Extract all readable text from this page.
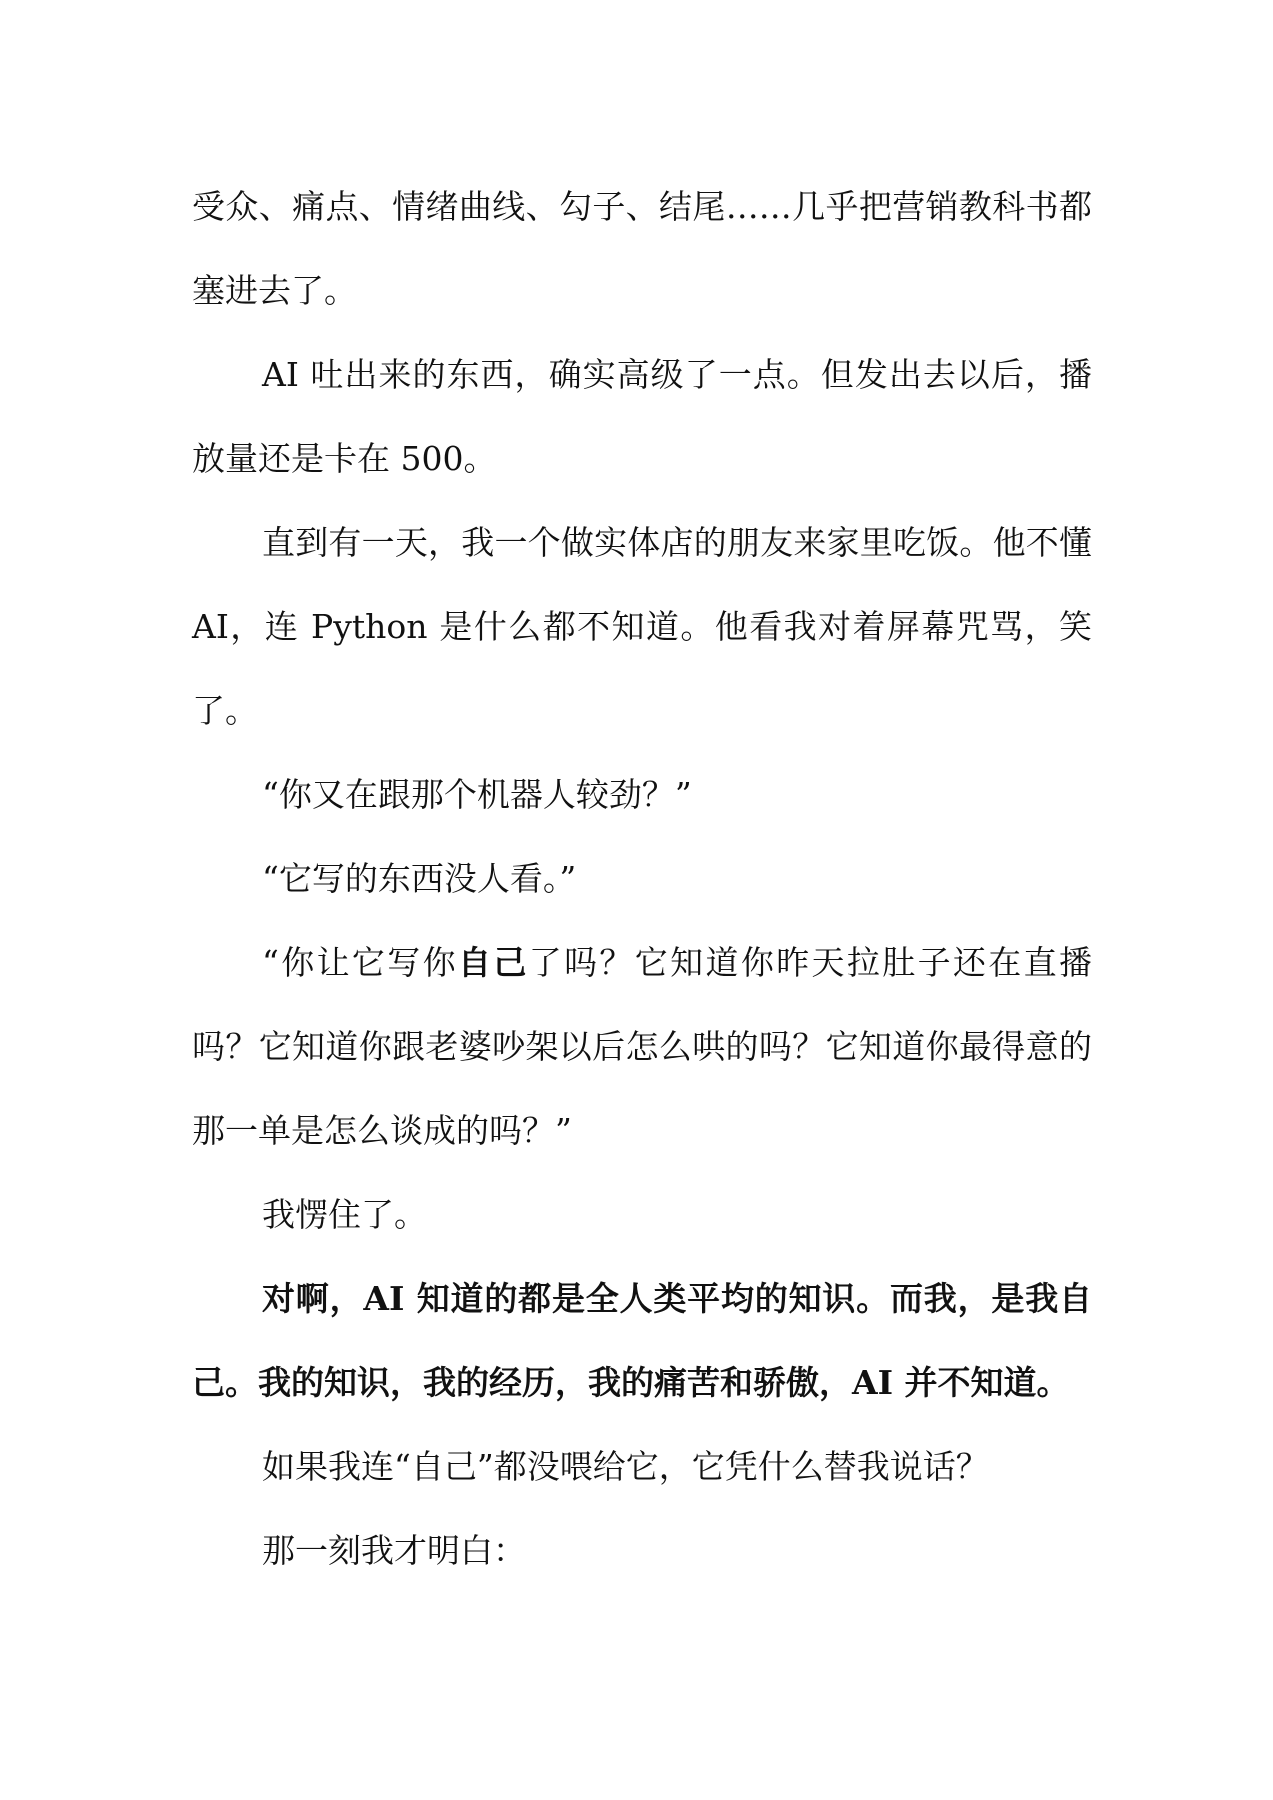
受众、痛点、情绪曲线、勾子、结尾……几乎把营销教科书都塞进去了。

AI 吐出来的东西，确实高级了一点。但发出去以后，播放量还是卡在 500。

直到有一天，我一个做实体店的朋友来家里吃饭。他不懂 AI，连 Python 是什么都不知道。他看我对着屏幕咒骂，笑了。

“你又在跟那个机器人较劲？”

“它写的东西没人看。”

“你让它写你自己了吗？它知道你昨天拉肚子还在直播吗？它知道你跟老婆吵架以后怎么哄的吗？它知道你最得意的那一单是怎么谈成的吗？”

我愣住了。

对啊，AI 知道的都是全人类平均的知识。而我，是我自己。我的知识，我的经历，我的痛苦和骄傲，AI 并不知道。

如果我连“自己”都没喂给它，它凭什么替我说话？

那一刻我才明白：
